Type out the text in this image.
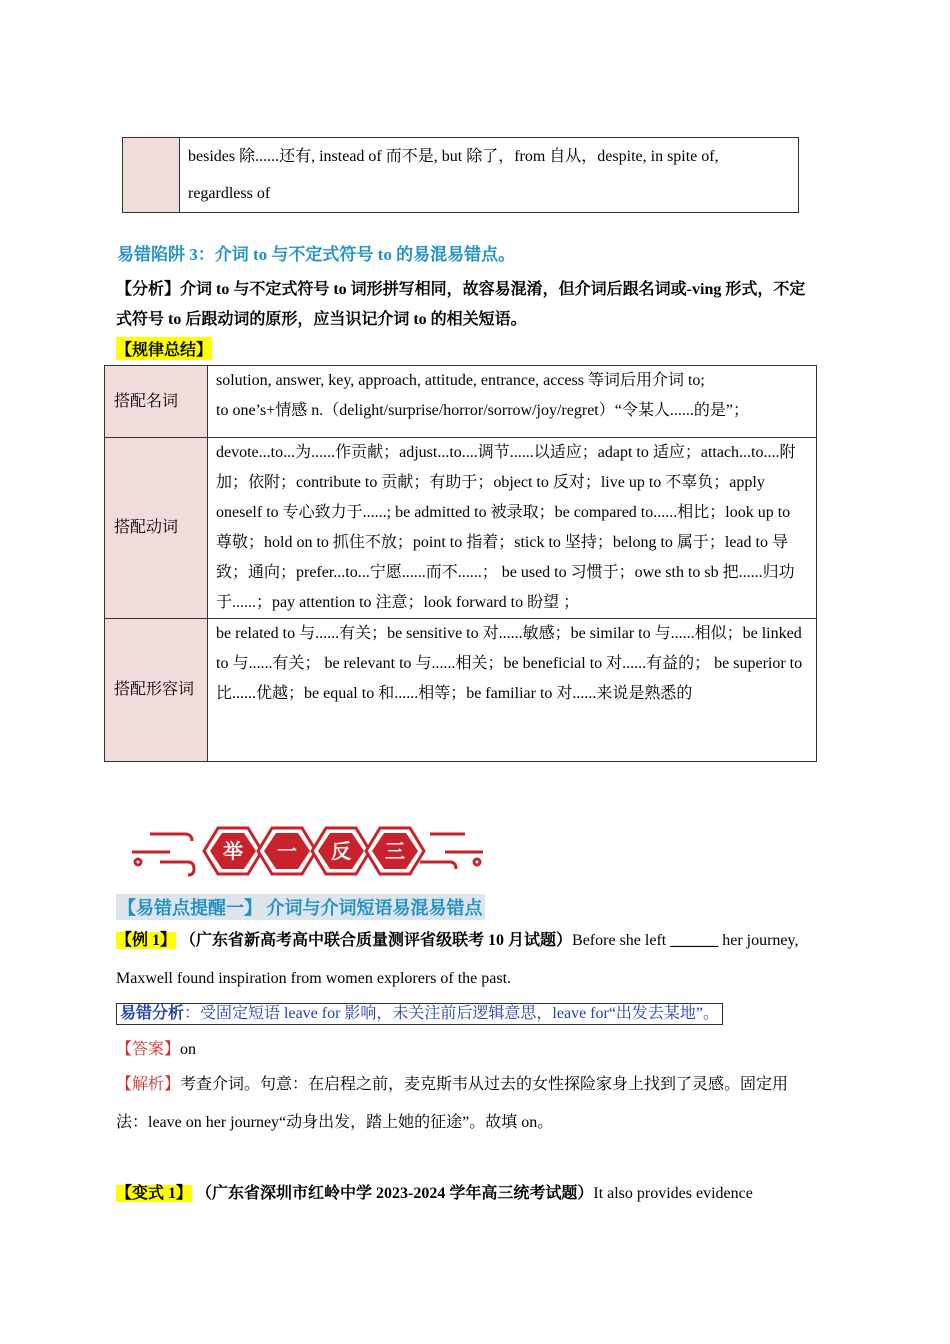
besides 除......还有, instead of 而不是, but 除了，from 自从，despite, in spite of,
regardless of
易错陷阱 3：介词 to 与不定式符号 to 的易混易错点。
【分析】介词 to 与不定式符号 to 词形拼写相同，故容易混淆，但介词后跟名词或-ving 形式，不定式符号 to 后跟动词的原形，应当识记介词 to 的相关短语。
【规律总结】
搭配名词	solution, answer, key, approach, attitude, entrance, access 等词后用介词 to;
to one’s+情感 n.（delight/surprise/horror/sorrow/joy/regret）“令某人......的是”；
搭配动词	devote...to...为......作贡献；adjust...to....调节......以适应；adapt to 适应；attach...to....附加；依附；contribute to 贡献；有助于；object to 反对；live up to 不辜负；apply oneself to 专心致力于......; be admitted to 被录取；be compared to......相比；look up to 尊敬；hold on to 抓住不放；point to 指着；stick to 坚持；belong to 属于；lead to 导致；通向；prefer...to...宁愿......而不......； be used to 习惯于；owe sth to sb 把......归功于......；pay attention to 注意；look forward to 盼望 ；
搭配形容词	be related to 与......有关；be sensitive to 对......敏感；be similar to 与......相似；be linked to 与......有关； be relevant to 与......相关；be beneficial to 对......有益的； be superior to 比......优越；be equal to 和......相等；be familiar to 对......来说是熟悉的
举 一 反 三
【易错点提醒一】 介词与介词短语易混易错点
【例 1】 （广东省新高考高中联合质量测评省级联考 10 月试题）Before she left ______ her journey, Maxwell found inspiration from women explorers of the past.
易错分析：受固定短语 leave for 影响，未关注前后逻辑意思，leave for“出发去某地”。
【答案】on
【解析】考查介词。句意：在启程之前，麦克斯韦从过去的女性探险家身上找到了灵感。固定用法：leave on her journey“动身出发，踏上她的征途”。故填 on。
【变式 1】 （广东省深圳市红岭中学 2023-2024 学年高三统考试题）It also provides evidence
